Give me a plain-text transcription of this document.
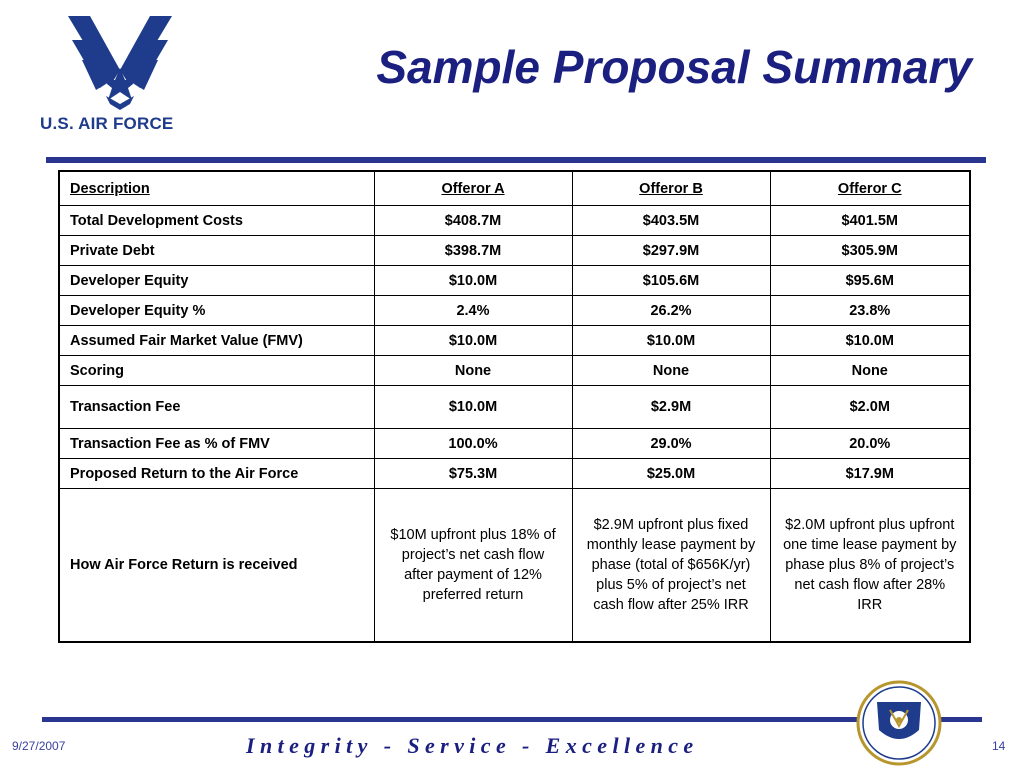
U.S. AIR FORCE
Sample Proposal Summary
Description	Offeror A	Offeror B	Offeror C
Total Development Costs	$408.7M	$403.5M	$401.5M
Private Debt	$398.7M	$297.9M	$305.9M
Developer Equity	$10.0M	$105.6M	$95.6M
Developer Equity %	2.4%	26.2%	23.8%
Assumed Fair Market Value (FMV)	$10.0M	$10.0M	$10.0M
Scoring	None	None	None
Transaction Fee	$10.0M	$2.9M	$2.0M
Transaction Fee as % of FMV	100.0%	29.0%	20.0%
Proposed Return to the Air Force	$75.3M	$25.0M	$17.9M
How Air Force Return is received	$10M upfront plus 18% of project’s net cash flow after payment of 12% preferred return	$2.9M upfront plus fixed monthly lease payment by phase (total of $656K/yr) plus 5% of project’s net cash flow after 25% IRR	$2.0M upfront plus upfront one time lease payment by phase plus 8% of project’s net cash flow after 28% IRR
9/27/2007	Integrity - Service - Excellence	14
